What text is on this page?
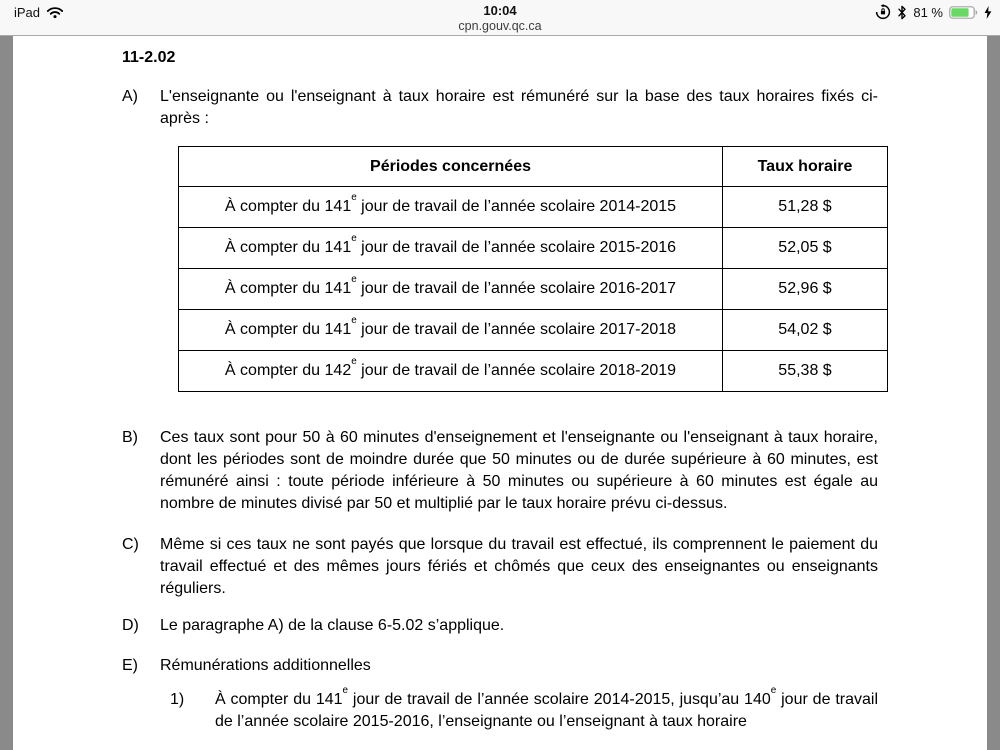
iPad	10:04
cpn.gouv.qc.ca
81 %
11-2.02
A)	L'enseignante ou l'enseignant à taux horaire est rémunéré sur la base des taux horaires fixés ci-après :
Périodes concernées	Taux horaire
À compter du 141e jour de travail de l’année scolaire 2014-2015	51,28 $
À compter du 141e jour de travail de l’année scolaire 2015-2016	52,05 $
À compter du 141e jour de travail de l’année scolaire 2016-2017	52,96 $
À compter du 141e jour de travail de l’année scolaire 2017-2018	54,02 $
À compter du 142e jour de travail de l’année scolaire 2018-2019	55,38 $
B)	Ces taux sont pour 50 à 60 minutes d'enseignement et l'enseignante ou l'enseignant à taux horaire, dont les périodes sont de moindre durée que 50 minutes ou de durée supérieure à 60 minutes, est rémunéré ainsi : toute période inférieure à 50 minutes ou supérieure à 60 minutes est égale au nombre de minutes divisé par 50 et multiplié par le taux horaire prévu ci-dessus.
C)	Même si ces taux ne sont payés que lorsque du travail est effectué, ils comprennent le paiement du travail effectué et des mêmes jours fériés et chômés que ceux des enseignantes ou enseignants réguliers.
D)	Le paragraphe A) de la clause 6-5.02 s’applique.
E)	Rémunérations additionnelles
1)	À compter du 141e jour de travail de l’année scolaire 2014-2015, jusqu’au 140e jour de travail de l’année scolaire 2015-2016, l’enseignante ou l’enseignant à taux horaire
